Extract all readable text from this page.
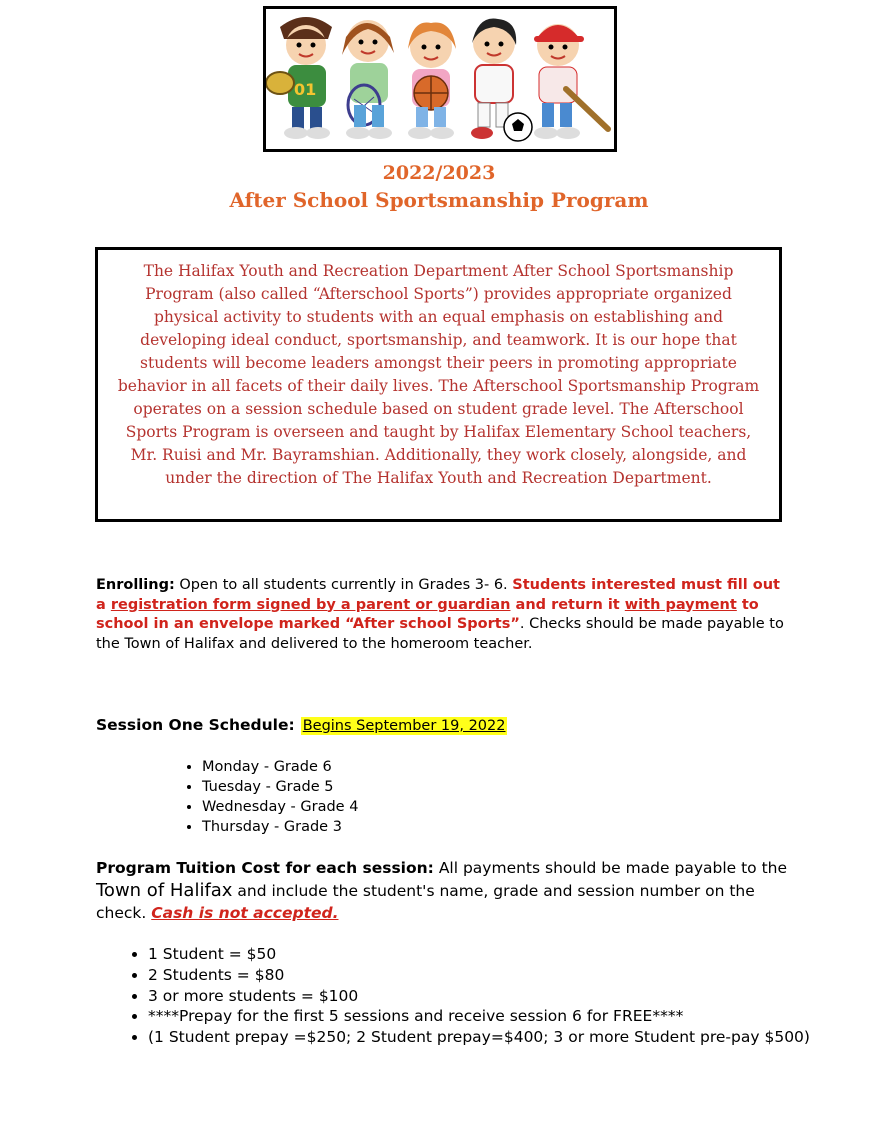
01
2022/2023
After School Sportsmanship Program
The Halifax Youth and Recreation Department After School Sportsmanship Program (also called “Afterschool Sports”) provides appropriate organized physical activity to students with an equal emphasis on establishing and developing ideal conduct, sportsmanship, and teamwork. It is our hope that students will become leaders amongst their peers in promoting appropriate behavior in all facets of their daily lives. The Afterschool Sportsmanship Program operates on a session schedule based on student grade level. The Afterschool Sports Program is overseen and taught by Halifax Elementary School teachers, Mr. Ruisi and Mr. Bayramshian. Additionally, they work closely, alongside, and under the direction of The Halifax Youth and Recreation Department.
Enrolling: Open to all students currently in Grades 3- 6. Students interested must fill out a registration form signed by a parent or guardian and return it with payment to school in an envelope marked “After school Sports”. Checks should be made payable to the Town of Halifax and delivered to the homeroom teacher.
Session One Schedule: Begins September 19, 2022
• Monday - Grade 6
• Tuesday - Grade 5
• Wednesday - Grade 4
• Thursday - Grade 3
Program Tuition Cost for each session: All payments should be made payable to the Town of Halifax and include the student's name, grade and session number on the check. Cash is not accepted.
• 1 Student = $50
• 2 Students = $80
• 3 or more students = $100
• ****Prepay for the first 5 sessions and receive session 6 for FREE****
• (1 Student prepay =$250; 2 Student prepay=$400; 3 or more Student pre-pay $500)
